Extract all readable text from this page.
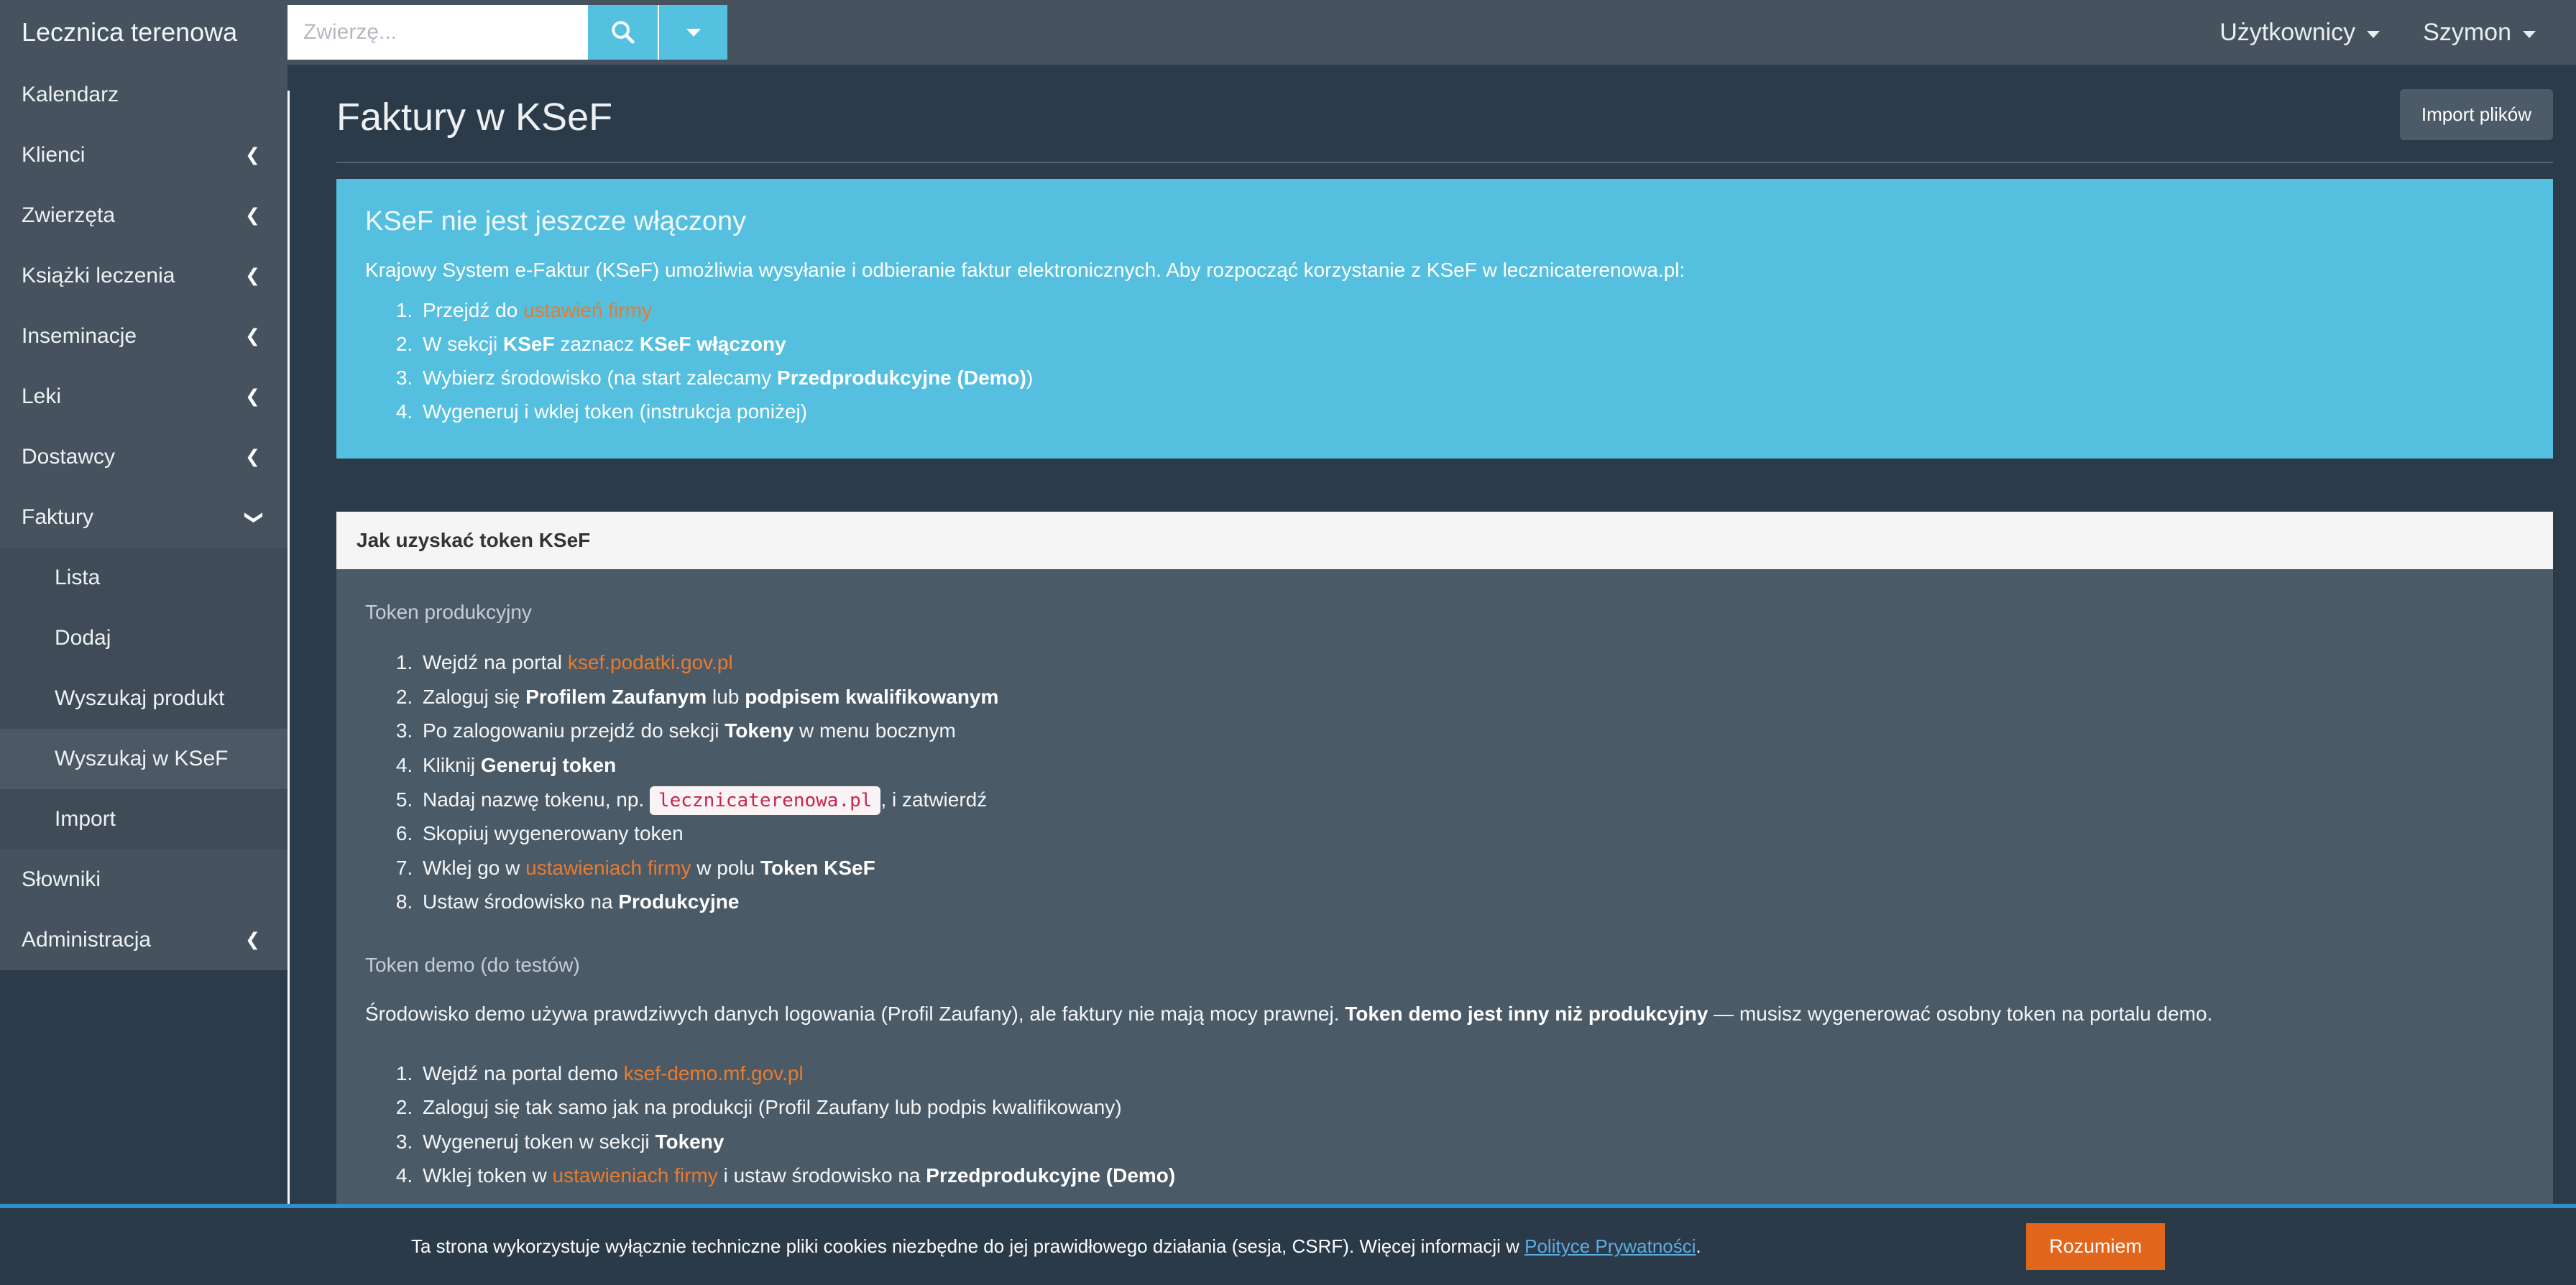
Lecznica terenowa
Zwierzę...	Użytkownicy	Szymon
Kalendarz
Klienci	❮
Zwierzęta	❮
Książki leczenia	❮
Inseminacje	❮
Leki	❮
Dostawcy	❮
Faktury	❮
Lista
Dodaj
Wyszukaj produkt
Wyszukaj w KSeF
Import
Słowniki
Administracja	❮
Faktury w KSeF	Import plików
KSeF nie jest jeszcze włączony

Krajowy System e-Faktur (KSeF) umożliwia wysyłanie i odbieranie faktur elektronicznych. Aby rozpocząć korzystanie z KSeF w lecznicaterenowa.pl:

1. Przejdź do ustawień firmy
2. W sekcji KSeF zaznacz KSeF włączony
3. Wybierz środowisko (na start zalecamy Przedprodukcyjne (Demo))
4. Wygeneruj i wklej token (instrukcja poniżej)
Jak uzyskać token KSeF
Token produkcyjny
1. Wejdź na portal ksef.podatki.gov.pl
2. Zaloguj się Profilem Zaufanym lub podpisem kwalifikowanym
3. Po zalogowaniu przejdź do sekcji Tokeny w menu bocznym
4. Kliknij Generuj token
5. Nadaj nazwę tokenu, np. lecznicaterenowa.pl , i zatwierdź
6. Skopiuj wygenerowany token
7. Wklej go w ustawieniach firmy w polu Token KSeF
8. Ustaw środowisko na Produkcyjne
Token demo (do testów)

Środowisko demo używa prawdziwych danych logowania (Profil Zaufany), ale faktury nie mają mocy prawnej. Token demo jest inny niż produkcyjny — musisz wygenerować osobny token na portalu demo.

1. Wejdź na portal demo ksef-demo.mf.gov.pl
2. Zaloguj się tak samo jak na produkcji (Profil Zaufany lub podpis kwalifikowany)
3. Wygeneruj token w sekcji Tokeny
4. Wklej token w ustawieniach firmy i ustaw środowisko na Przedprodukcyjne (Demo)
Ta strona wykorzystuje wyłącznie techniczne pliki cookies niezbędne do jej prawidłowego działania (sesja, CSRF). Więcej informacji w Polityce Prywatności.	Rozumiem
